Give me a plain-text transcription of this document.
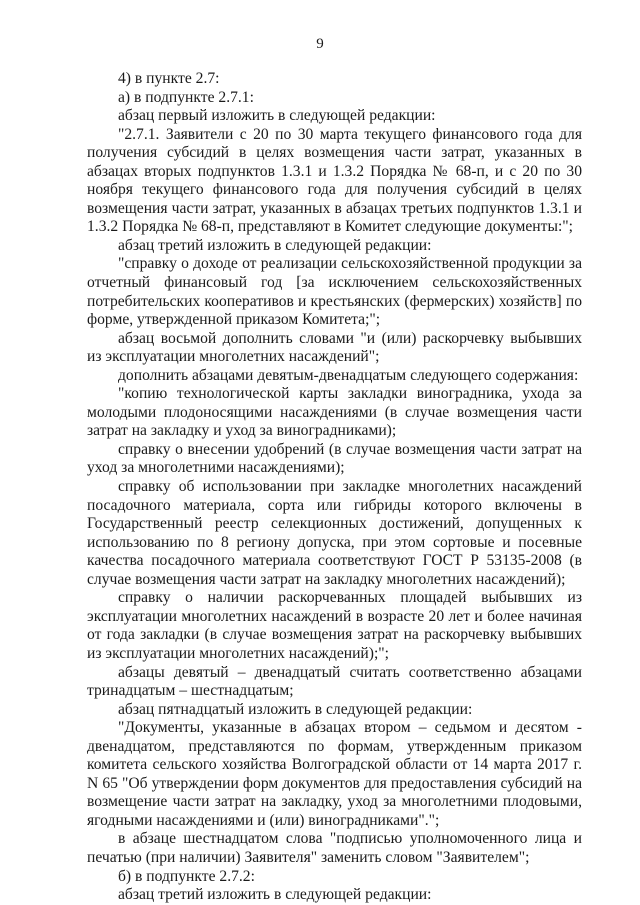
9

4) в пункте 2.7:

а) в подпункте 2.7.1:

абзац первый изложить в следующей редакции:

"2.7.1. Заявители с 20 по 30 марта текущего финансового года для получения субсидий в целях возмещения части затрат, указанных в абзацах вторых подпунктов 1.3.1 и 1.3.2 Порядка № 68-п, и с 20 по 30 ноября текущего финансового года для получения субсидий в целях возмещения части затрат, указанных в абзацах третьих подпунктов 1.3.1 и 1.3.2 Порядка № 68-п, представляют в Комитет следующие документы:";

абзац третий изложить в следующей редакции:

"справку о доходе от реализации сельскохозяйственной продукции за отчетный финансовый год [за исключением сельскохозяйственных потребительских кооперативов и крестьянских (фермерских) хозяйств] по форме, утвержденной приказом Комитета;";

абзац восьмой дополнить словами "и (или) раскорчевку выбывших из эксплуатации многолетних насаждений";

дополнить абзацами девятым-двенадцатым следующего содержания:

"копию технологической карты закладки виноградника, ухода за молодыми плодоносящими насаждениями (в случае возмещения части затрат на закладку и уход за виноградниками);

справку о внесении удобрений (в случае возмещения части затрат на уход за многолетними насаждениями);

справку об использовании при закладке многолетних насаждений посадочного материала, сорта или гибриды которого включены в Государственный реестр селекционных достижений, допущенных к использованию по 8 региону допуска, при этом сортовые и посевные качества посадочного материала соответствуют ГОСТ Р 53135-2008 (в случае возмещения части затрат на закладку многолетних насаждений);

справку о наличии раскорчеванных площадей выбывших из эксплуатации многолетних насаждений в возрасте 20 лет и более начиная от года закладки (в случае возмещения затрат на раскорчевку выбывших из эксплуатации многолетних насаждений);";

абзацы девятый – двенадцатый считать соответственно абзацами тринадцатым – шестнадцатым;

абзац пятнадцатый изложить в следующей редакции:

"Документы, указанные в абзацах втором – седьмом и десятом - двенадцатом, представляются по формам, утвержденным приказом комитета сельского хозяйства Волгоградской области от 14 марта 2017 г. N 65 "Об утверждении форм документов для предоставления субсидий на возмещение части затрат на закладку, уход за многолетними плодовыми, ягодными насаждениями и (или) виноградниками".";

в абзаце шестнадцатом слова "подписью уполномоченного лица и печатью (при наличии) Заявителя" заменить словом "Заявителем";

б) в подпункте 2.7.2:

абзац третий изложить в следующей редакции:
